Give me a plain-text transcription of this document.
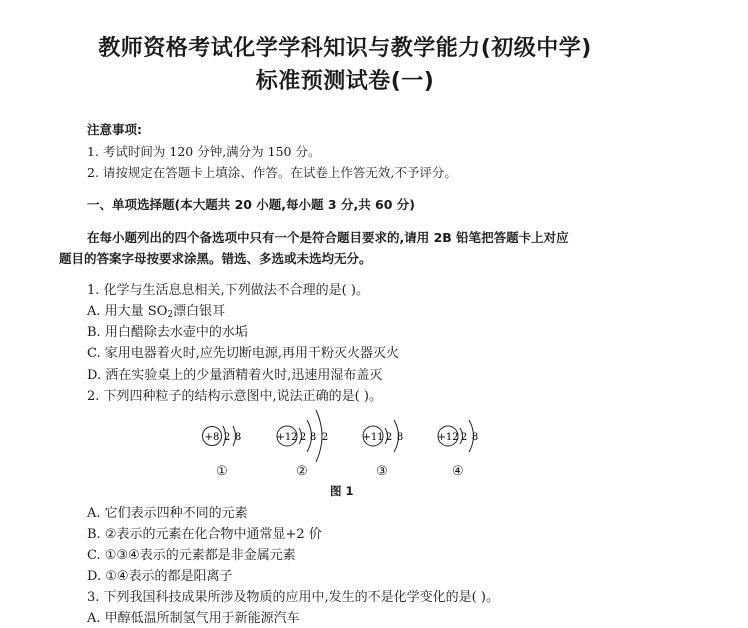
教师资格考试化学学科知识与教学能力(初级中学)
标准预测试卷(一)
注意事项:
1. 考试时间为 120 分钟,满分为 150 分。
2. 请按规定在答题卡上填涂、作答。在试卷上作答无效,不予评分。
一、单项选择题(本大题共 20 小题,每小题 3 分,共 60 分)
在每小题列出的四个备选项中只有一个是符合题目要求的,请用 2B 铅笔把答题卡上对应
题目的答案字母按要求涂黑。错选、多选或未选均无分。
1. 化学与生活息息相关,下列做法不合理的是( )。
A. 用大量 $SO_2$漂白银耳
B. 用白醋除去水壶中的水垢
C. 家用电器着火时,应先切断电源,再用干粉灭火器灭火
D. 洒在实验桌上的少量酒精着火时,迅速用湿布盖灭
2. 下列四种粒子的结构示意图中,说法正确的是( )。
+8 2 8	+12 2 8 2	+11 2 8	+12 2 8
①	②	③	④
图 1
A. 它们表示四种不同的元素
B. ②表示的元素在化合物中通常显+2 价
C. ①③④表示的元素都是非金属元素
D. ①④表示的都是阳离子
3. 下列我国科技成果所涉及物质的应用中,发生的不是化学变化的是( )。
A. 甲醇低温所制氢气用于新能源汽车
